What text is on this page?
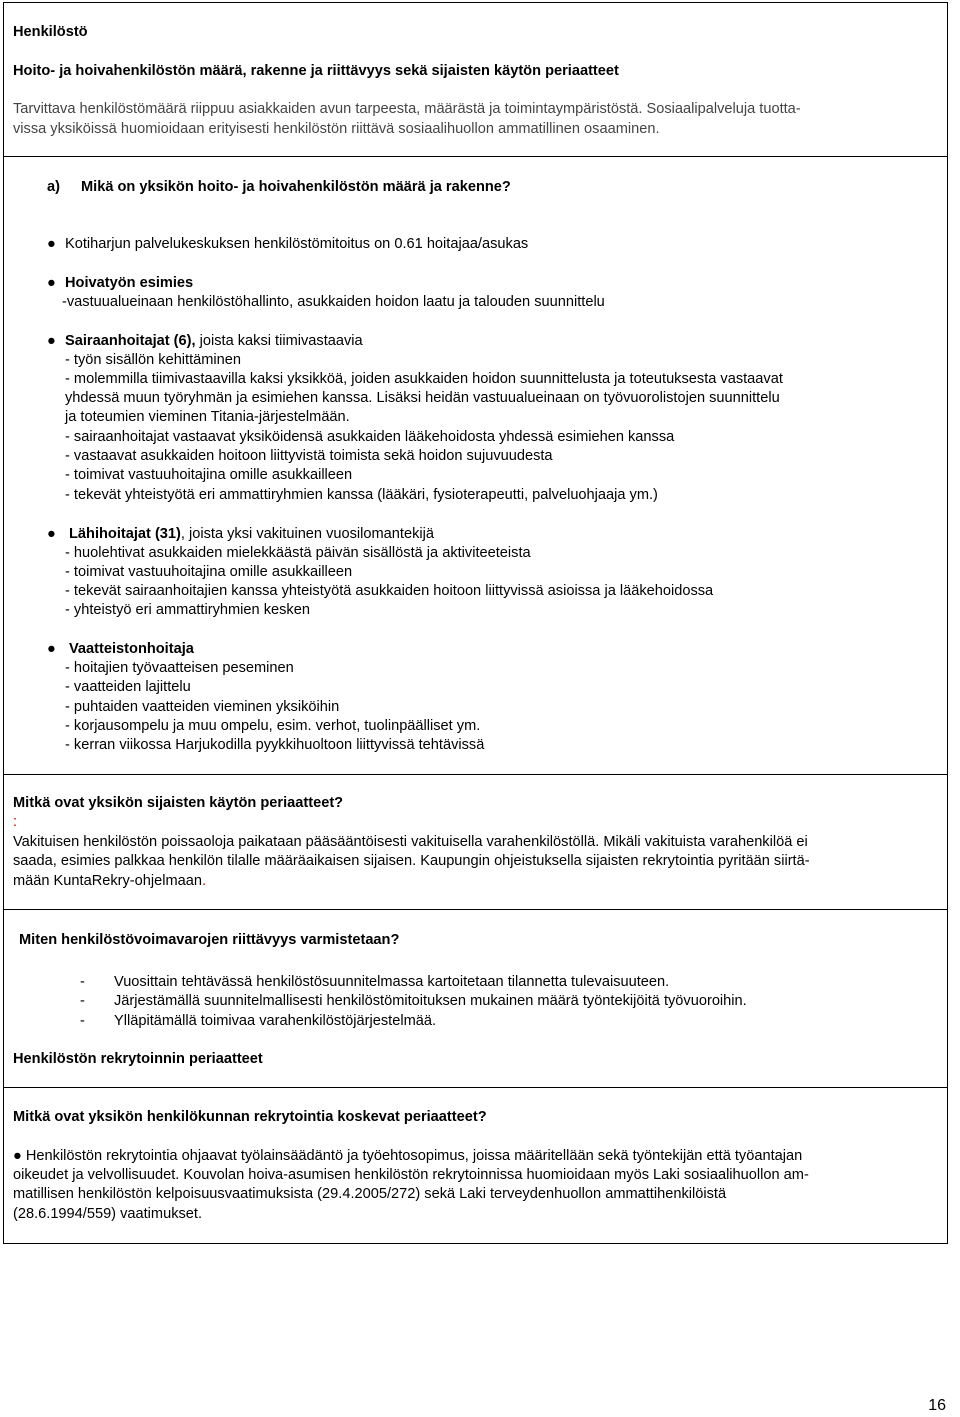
Henkilöstö
Hoito- ja hoivahenkilöstön määrä, rakenne ja riittävyys sekä sijaisten käytön periaatteet
Tarvittava henkilöstömäärä riippuu asiakkaiden avun tarpeesta, määrästä ja toimintaympäristöstä. Sosiaalipalveluja tuotta-
vissa yksiköissä huomioidaan erityisesti henkilöstön riittävä sosiaalihuollon ammatillinen osaaminen.
a) Mikä on yksikön hoito- ja hoivahenkilöstön määrä ja rakenne?
● Kotiharjun palvelukeskuksen henkilöstömitoitus on 0.61 hoitajaa/asukas
● Hoivatyön esimies
-vastuualueinaan henkilöstöhallinto, asukkaiden hoidon laatu ja talouden suunnittelu
● Sairaanhoitajat (6), joista kaksi tiimivastaavia
- työn sisällön kehittäminen
- molemmilla tiimivastaavilla kaksi yksikköä, joiden asukkaiden hoidon suunnittelusta ja toteutuksesta vastaavat
yhdessä muun työryhmän ja esimiehen kanssa. Lisäksi heidän vastuualueinaan on työvuorolistojen suunnittelu
ja toteumien vieminen Titania-järjestelmään.
- sairaanhoitajat vastaavat yksiköidensä asukkaiden lääkehoidosta yhdessä esimiehen kanssa
- vastaavat asukkaiden hoitoon liittyvistä toimista sekä hoidon sujuvuudesta
- toimivat vastuuhoitajina omille asukkailleen
- tekevät yhteistyötä eri ammattiryhmien kanssa (lääkäri, fysioterapeutti, palveluohjaaja ym.)
● Lähihoitajat (31), joista yksi vakituinen vuosilomantekijä
- huolehtivat asukkaiden mielekkäästä päivän sisällöstä ja aktiviteeteista
- toimivat vastuuhoitajina omille asukkailleen
- tekevät sairaanhoitajien kanssa yhteistyötä asukkaiden hoitoon liittyvissä asioissa ja lääkehoidossa
- yhteistyö eri ammattiryhmien kesken
● Vaatteistonhoitaja
- hoitajien työvaatteisen peseminen
- vaatteiden lajittelu
- puhtaiden vaatteiden vieminen yksiköihin
- korjausompelu ja muu ompelu, esim. verhot, tuolinpäälliset ym.
- kerran viikossa Harjukodilla pyykkihuoltoon liittyvissä tehtävissä
Mitkä ovat yksikön sijaisten käytön periaatteet?
:
Vakituisen henkilöstön poissaoloja paikataan pääsääntöisesti vakituisella varahenkilöstöllä. Mikäli vakituista varahenkilöä ei
saada, esimies palkkaa henkilön tilalle määräaikaisen sijaisen. Kaupungin ohjeistuksella sijaisten rekrytointia pyritään siirtä-
mään KuntaRekry-ohjelmaan.
Miten henkilöstövoimavarojen riittävyys varmistetaan?
- Vuosittain tehtävässä henkilöstösuunnitelmassa kartoitetaan tilannetta tulevaisuuteen.
- Järjestämällä suunnitelmallisesti henkilöstömitoituksen mukainen määrä työntekijöitä työvuoroihin.
- Ylläpitämällä toimivaa varahenkilöstöjärjestelmää.
Henkilöstön rekrytoinnin periaatteet
Mitkä ovat yksikön henkilökunnan rekrytointia koskevat periaatteet?
● Henkilöstön rekrytointia ohjaavat työlainsäädäntö ja työehtosopimus, joissa määritellään sekä työntekijän että työantajan
oikeudet ja velvollisuudet. Kouvolan hoiva-asumisen henkilöstön rekrytoinnissa huomioidaan myös Laki sosiaalihuollon am-
matillisen henkilöstön kelpoisuusvaatimuksista (29.4.2005/272) sekä Laki terveydenhuollon ammattihenkilöistä
(28.6.1994/559) vaatimukset.
16
